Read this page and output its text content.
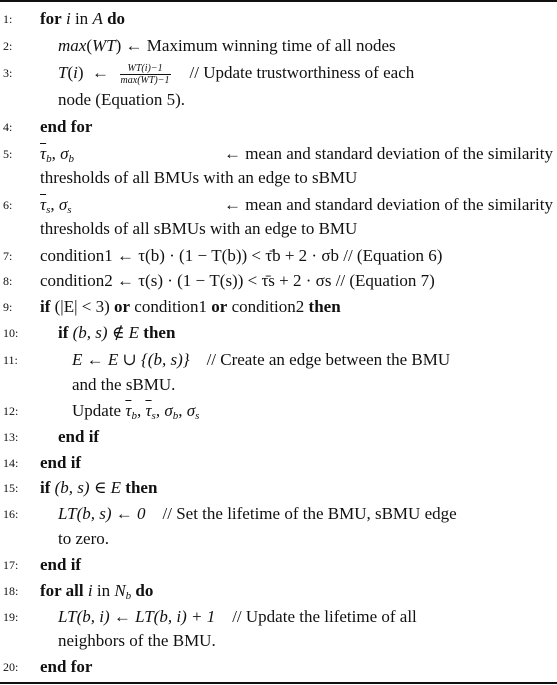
1:	for i in A do
2:	max(WT) ← Maximum winning time of all nodes
3:	T(i) ← $\frac{WT(i)-1}{\max(WT)-1}$ // Update trustworthiness of each
node (Equation 5).
4:	end for
5:	$\overline{\tau}_b$, $\sigma_b$	← mean and standard deviation of the similarity
thresholds of all BMUs with an edge to sBMU
6:	$\overline{\tau}_s$, $\sigma_s$	← mean and standard deviation of the similarity
thresholds of all sBMUs with an edge to BMU
7:	condition1 ← τ(b) · (1 − T(b)) < τ̄b + 2 · σb // (Equation 6)
8:	condition2 ← τ(s) · (1 − T(s)) < τ̄s + 2 · σs // (Equation 7)
9:	if (|E| < 3) or condition1 or condition2 then
10:	if (b, s) ∉ E then
11:	E ← E ∪ {(b, s)} // Create an edge between the BMU
and the sBMU.
12:	Update $\overline{\tau}_b$, $\overline{\tau}_s$, $\sigma_b$, $\sigma_s$
13:	end if
14:	end if
15:	if (b, s) ∈ E then
16:	LT(b, s) ← 0 // Set the lifetime of the BMU, sBMU edge
to zero.
17:	end if
18:	for all i in $N_b$ do
19:	LT(b, i) ← LT(b, i) + 1 // Update the lifetime of all
neighbors of the BMU.
20:	end for
